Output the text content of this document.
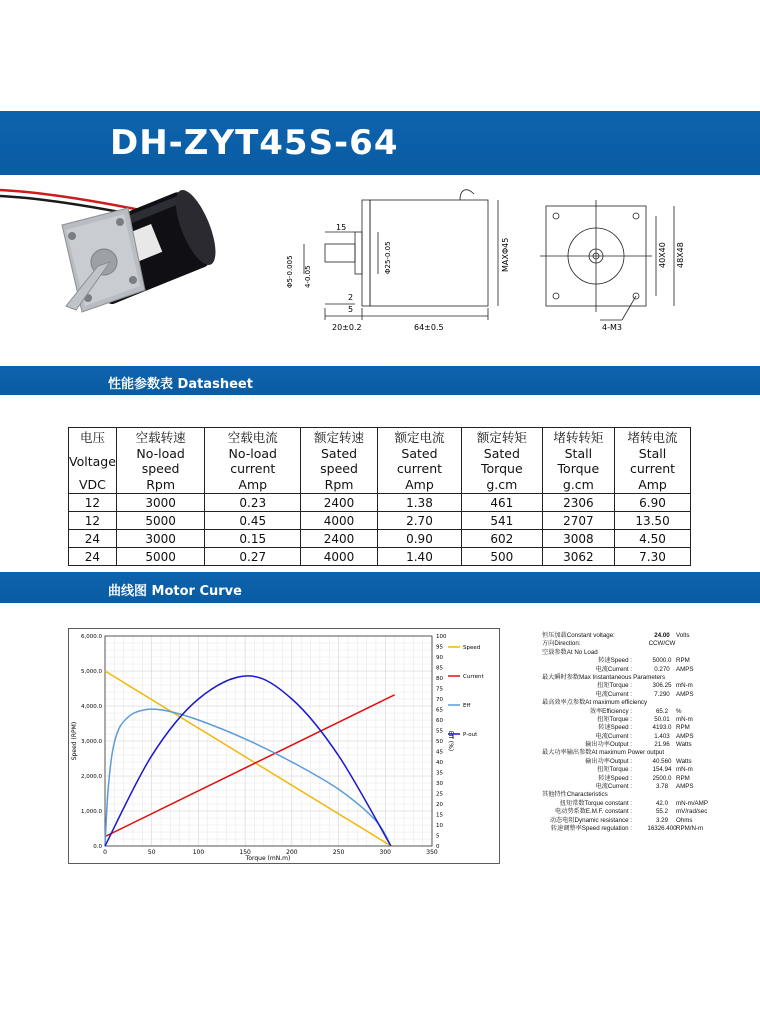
DH-ZYT45S-64
15
2
5
Φ5-0.005 4-0.05
Φ25-0.05	MAXΦ45
20±0.2	64±0.5
40X40 48X48
4-M3
性能参数表 Datasheet
电压	空载转速	空载电流	额定转速	额定电流	额定转矩	堵转转矩	堵转电流
Voltage	No-load speed	No-load current	Sated speed	Sated current	Sated Torque	Stall Torque	Stall current
VDC	Rpm	Amp	Rpm	Amp	g.cm	g.cm	Amp
12	3000	0.23	2400	1.38	461	2306	6.90
12	5000	0.45	4000	2.70	541	2707	13.50
24	3000	0.15	2400	0.90	602	3008	4.50
24	5000	0.27	4000	1.40	500	3062	7.30
曲线图 Motor Curve
0	50	100	150	200	250	300	350
0.0
1,000.0
2,000.0
3,000.0
4,000.0
5,000.0
6,000.0
0
5
10
15
20
25
30
35
40
45
50
55
60
65
70
75
80
85
90
95
100
Speed
Current
Eff
P-out
Torque (mN.m)
Speed (RPM)	Eff (%)
恒压加载Constant voltage:	24.00	Volts
方向Direction:	CCW/CW
空载参数At No Load
转速Speed :	5000.0 RPM
电流Current :	0.270	AMPS
最大瞬时参数Max Instantaneous Parameters
扭矩Torque :	306.25 mN-m
电流Current :	7.290	AMPS
最高效率点参数At maximum efficiency
效率Efficiency :	65.2	%
扭矩Torque :	50.01	mN-m
转速Speed :	4193.0 RPM
电流Current :	1.403	AMPS
输出功率Output :	21.96	Watts
最大功率输出参数At maximum Power output
输出功率Output :	40.560 Watts
扭矩Torque :	154.94 mN-m
转速Speed :	2500.0 RPM
电流Current :	3.78	AMPS
其他特性Characteristics
扭矩常数Torque constant :	42.0	mN-m/AMP
电动势系数E.M.F. constant :	55.2	mV/rad/sec
动态电阻Dynamic resistance :	3.29	Ohms
转速调整率Speed regulation :	16326.400 RPM/N-m
